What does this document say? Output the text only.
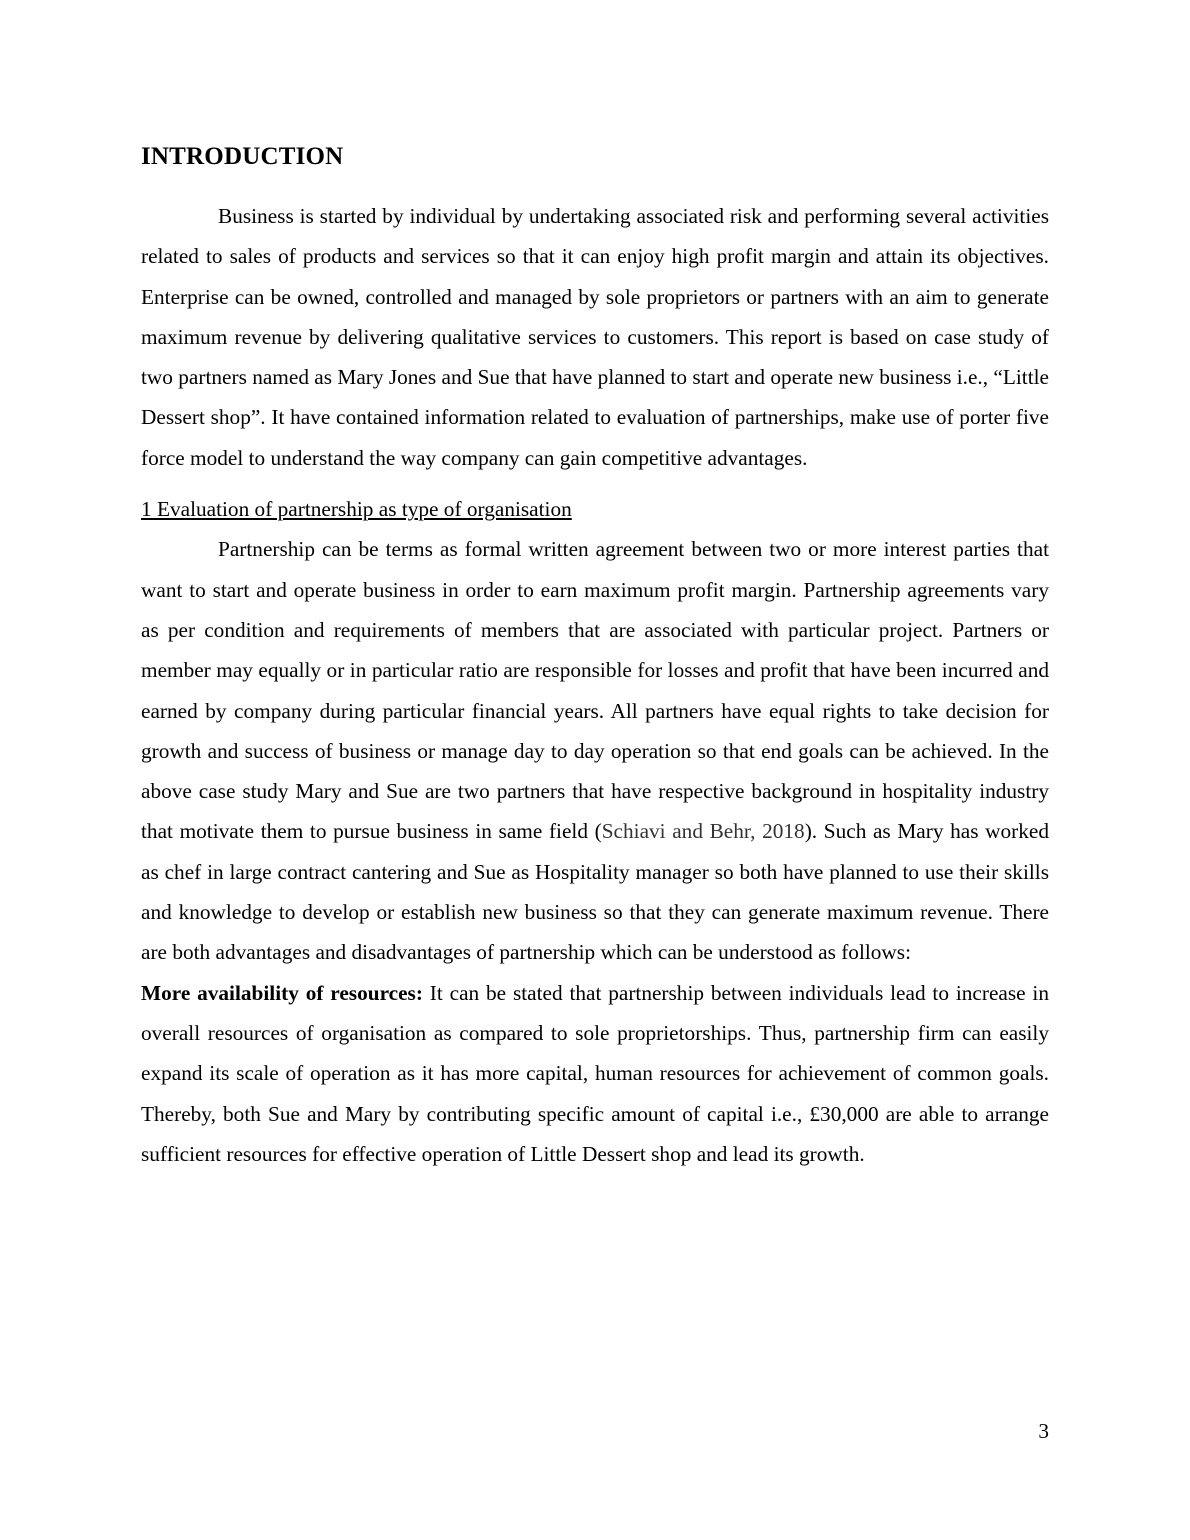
INTRODUCTION

Business is started by individual by undertaking associated risk and performing several activities related to sales of products and services so that it can enjoy high profit margin and attain its objectives. Enterprise can be owned, controlled and managed by sole proprietors or partners with an aim to generate maximum revenue by delivering qualitative services to customers. This report is based on case study of two partners named as Mary Jones and Sue that have planned to start and operate new business i.e., “Little Dessert shop”. It have contained information related to evaluation of partnerships, make use of porter five force model to understand the way company can gain competitive advantages.

1 Evaluation of partnership as type of organisation

Partnership can be terms as formal written agreement between two or more interest parties that want to start and operate business in order to earn maximum profit margin. Partnership agreements vary as per condition and requirements of members that are associated with particular project. Partners or member may equally or in particular ratio are responsible for losses and profit that have been incurred and earned by company during particular financial years. All partners have equal rights to take decision for growth and success of business or manage day to day operation so that end goals can be achieved. In the above case study Mary and Sue are two partners that have respective background in hospitality industry that motivate them to pursue business in same field (Schiavi and Behr, 2018). Such as Mary has worked as chef in large contract cantering and Sue as Hospitality manager so both have planned to use their skills and knowledge to develop or establish new business so that they can generate maximum revenue. There are both advantages and disadvantages of partnership which can be understood as follows:

More availability of resources: It can be stated that partnership between individuals lead to increase in overall resources of organisation as compared to sole proprietorships. Thus, partnership firm can easily expand its scale of operation as it has more capital, human resources for achievement of common goals. Thereby, both Sue and Mary by contributing specific amount of capital i.e., £30,000 are able to arrange sufficient resources for effective operation of Little Dessert shop and lead its growth.

3
